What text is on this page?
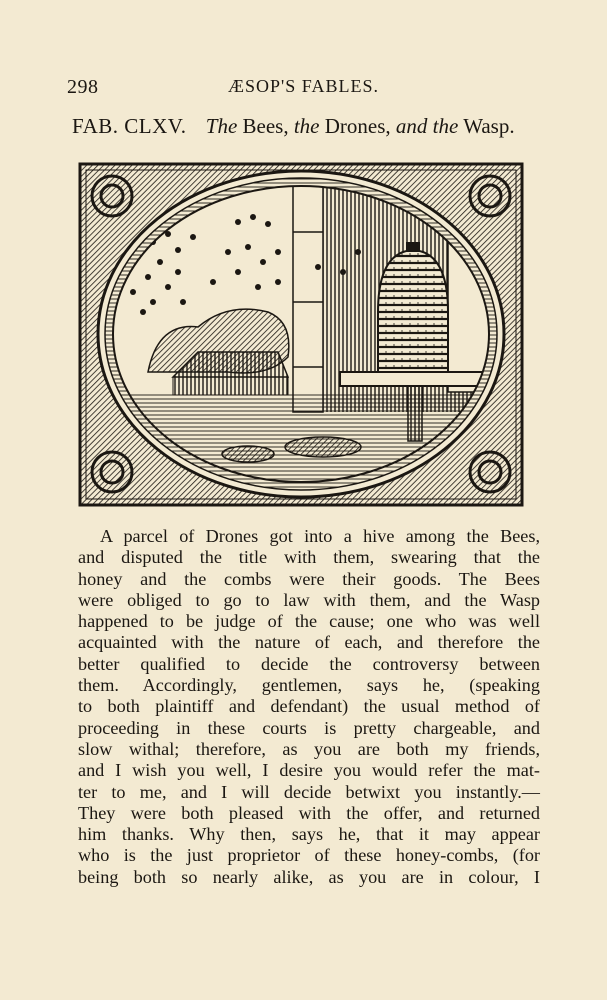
298	ÆSOP'S FABLES.
FAB. CLXV. The Bees, the Drones, and the Wasp.
A parcel of Drones got into a hive among the Bees,
and disputed the title with them, swearing that the
honey and the combs were their goods. The Bees
were obliged to go to law with them, and the Wasp
happened to be judge of the cause; one who was well
acquainted with the nature of each, and therefore the
better qualified to decide the controversy between
them. Accordingly, gentlemen, says he, (speaking
to both plaintiff and defendant) the usual method of
proceeding in these courts is pretty chargeable, and
slow withal; therefore, as you are both my friends,
and I wish you well, I desire you would refer the mat-
ter to me, and I will decide betwixt you instantly.—
They were both pleased with the offer, and returned
him thanks. Why then, says he, that it may appear
who is the just proprietor of these honey-combs, (for
being both so nearly alike, as you are in colour, I
